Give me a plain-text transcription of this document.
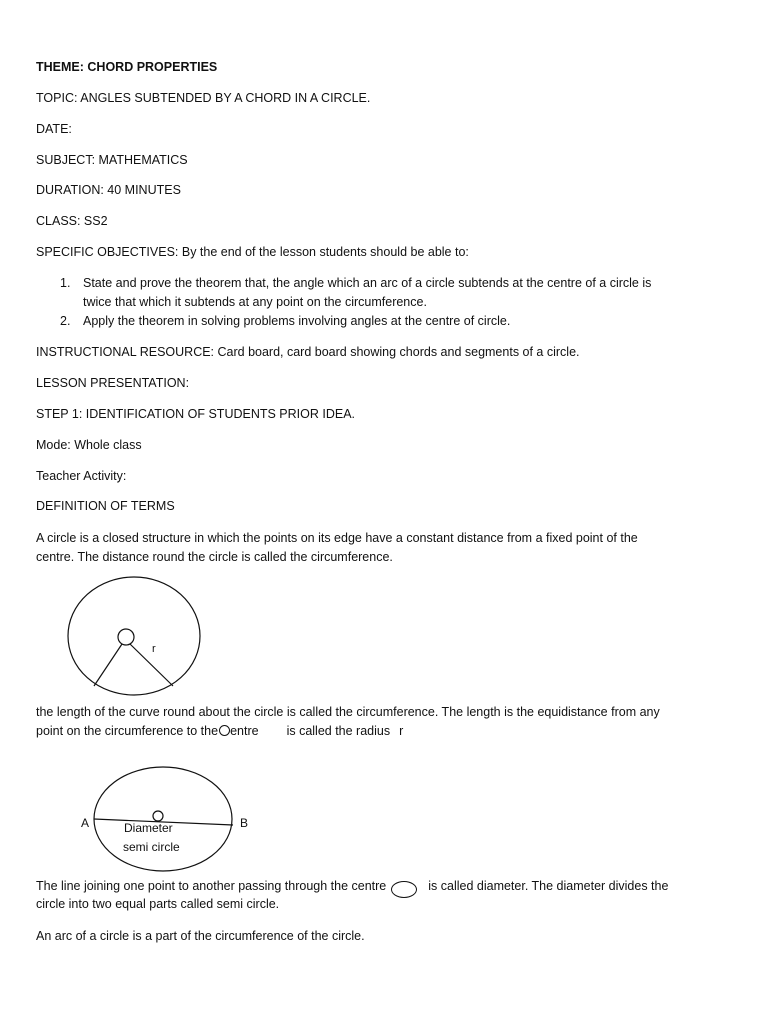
THEME: CHORD PROPERTIES
TOPIC: ANGLES SUBTENDED BY A CHORD IN A CIRCLE.
DATE:
SUBJECT: MATHEMATICS
DURATION: 40 MINUTES
CLASS: SS2
SPECIFIC OBJECTIVES: By the end of the lesson students should be able to:
1. State and prove the theorem that, the angle which an arc of a circle subtends at the centre of a circle is
twice that which it subtends at any point on the circumference.
2. Apply the theorem in solving problems involving angles at the centre of circle.
INSTRUCTIONAL RESOURCE: Card board, card board showing chords and segments of a circle.
LESSON PRESENTATION:
STEP 1: IDENTIFICATION OF STUDENTS PRIOR IDEA.
Mode: Whole class
Teacher Activity:
DEFINITION OF TERMS
A circle is a closed structure in which the points on its edge have a constant distance from a fixed point of the
centre. The distance round the circle is called the circumference.
r
the length of the curve round about the circle is called the circumference. The length is the equidistance from any
point on the circumference to the entre is called the radius r
A	B
Diameter
semi circle
The line joining one point to another passing through the centre	is called diameter. The diameter divides the
circle into two equal parts called semi circle.
An arc of a circle is a part of the circumference of the circle.
